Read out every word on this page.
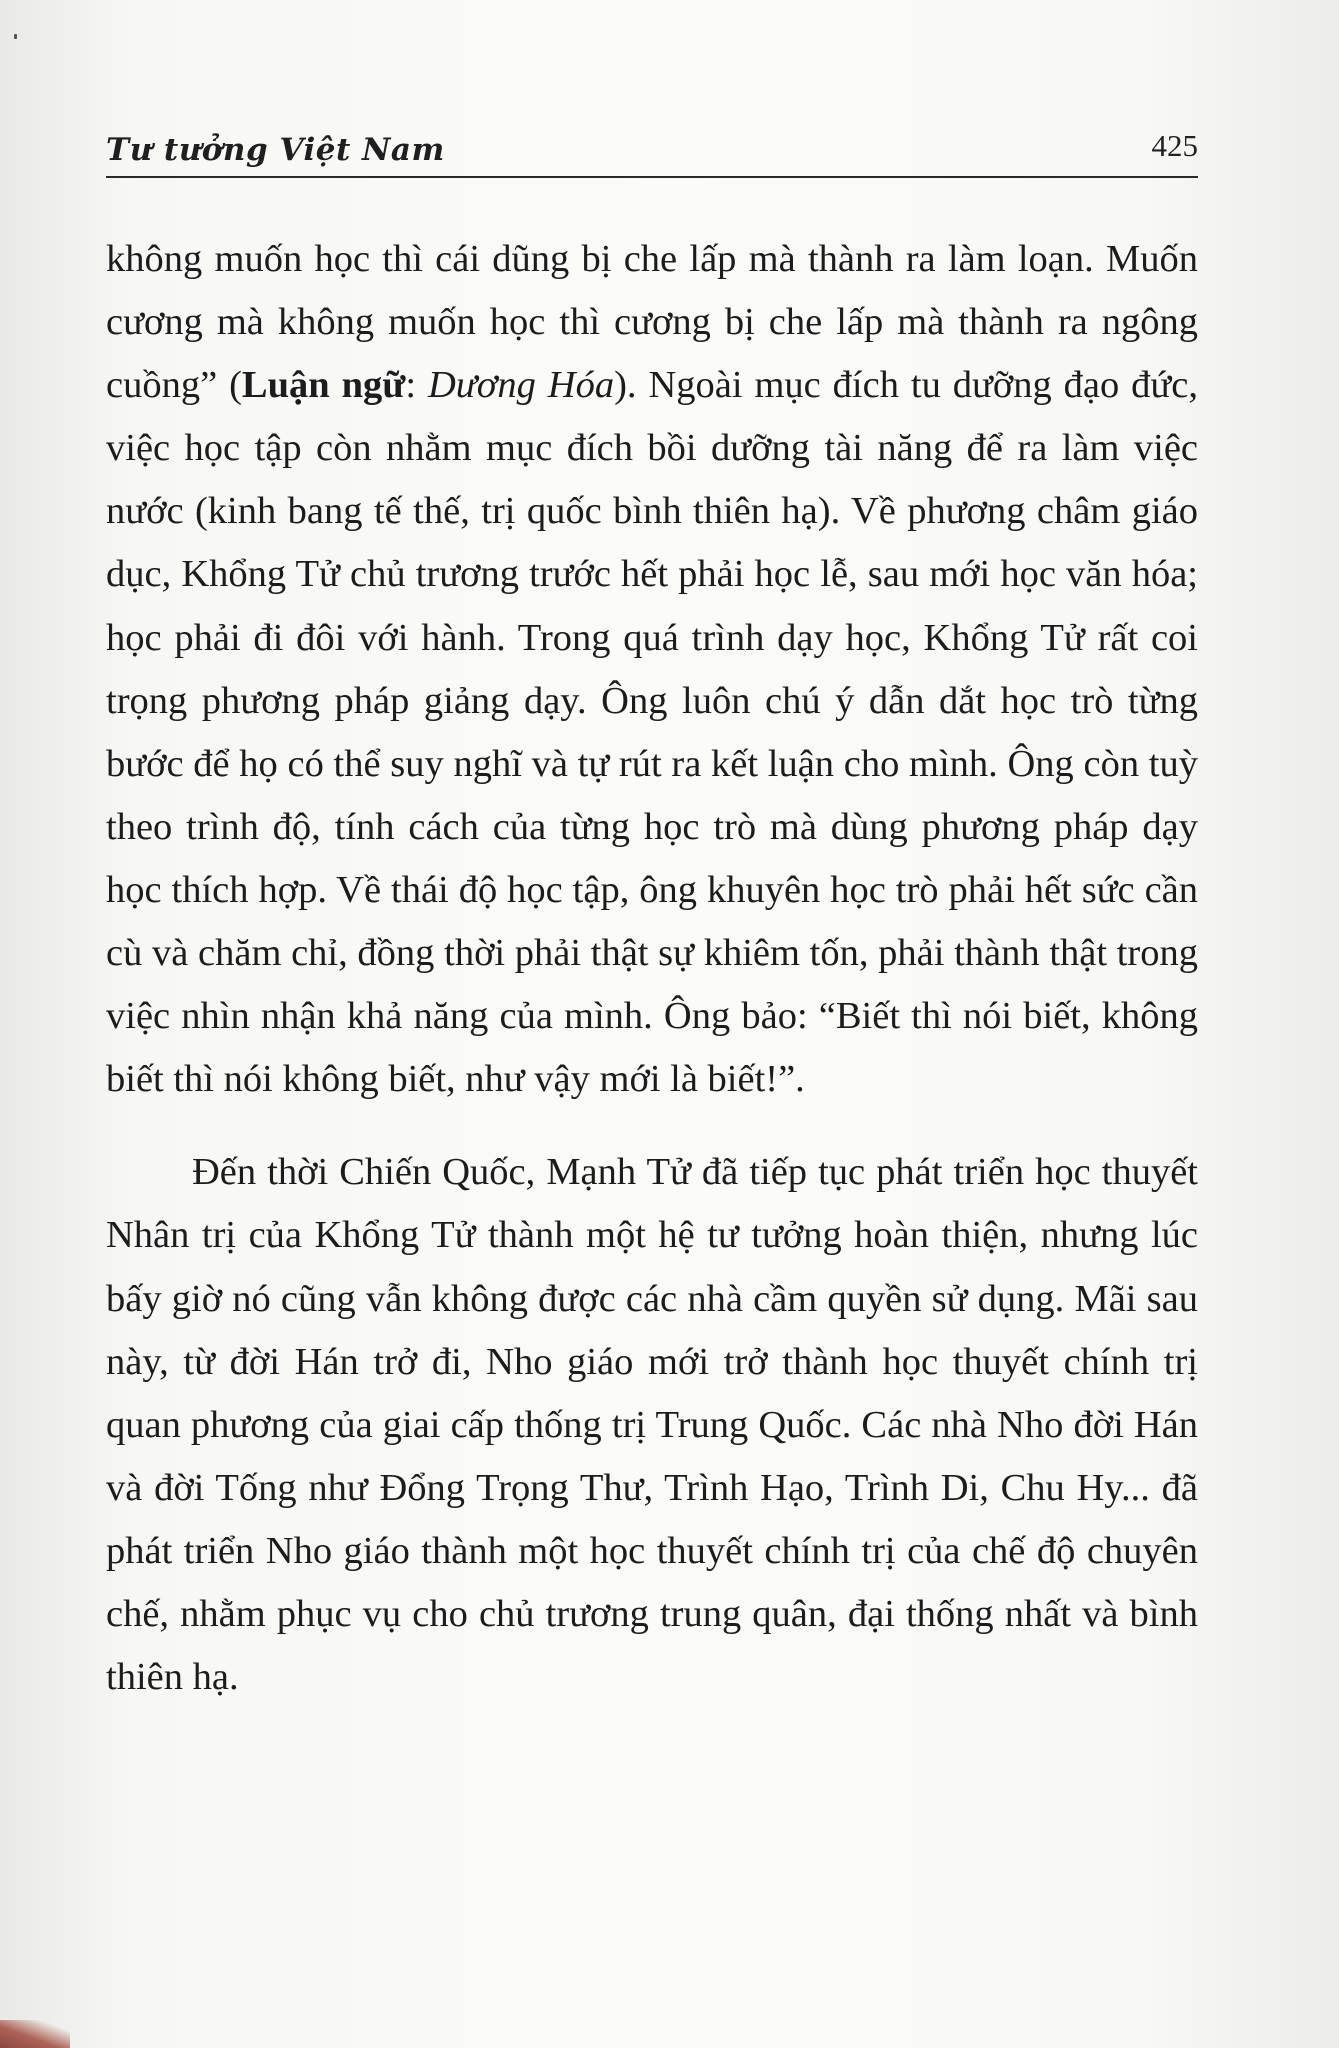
Tư tưởng Việt Nam	425

không muốn học thì cái dũng bị che lấp mà thành ra làm loạn. Muốn cương mà không muốn học thì cương bị che lấp mà thành ra ngông cuồng” (Luận ngữ: Dương Hóa). Ngoài mục đích tu dưỡng đạo đức, việc học tập còn nhằm mục đích bồi dưỡng tài năng để ra làm việc nước (kinh bang tế thế, trị quốc bình thiên hạ). Về phương châm giáo dục, Khổng Tử chủ trương trước hết phải học lễ, sau mới học văn hóa; học phải đi đôi với hành. Trong quá trình dạy học, Khổng Tử rất coi trọng phương pháp giảng dạy. Ông luôn chú ý dẫn dắt học trò từng bước để họ có thể suy nghĩ và tự rút ra kết luận cho mình. Ông còn tuỳ theo trình độ, tính cách của từng học trò mà dùng phương pháp dạy học thích hợp. Về thái độ học tập, ông khuyên học trò phải hết sức cần cù và chăm chỉ, đồng thời phải thật sự khiêm tốn, phải thành thật trong việc nhìn nhận khả năng của mình. Ông bảo: “Biết thì nói biết, không biết thì nói không biết, như vậy mới là biết!”.

Đến thời Chiến Quốc, Mạnh Tử đã tiếp tục phát triển học thuyết Nhân trị của Khổng Tử thành một hệ tư tưởng hoàn thiện, nhưng lúc bấy giờ nó cũng vẫn không được các nhà cầm quyền sử dụng. Mãi sau này, từ đời Hán trở đi, Nho giáo mới trở thành học thuyết chính trị quan phương của giai cấp thống trị Trung Quốc. Các nhà Nho đời Hán và đời Tống như Đổng Trọng Thư, Trình Hạo, Trình Di, Chu Hy... đã phát triển Nho giáo thành một học thuyết chính trị của chế độ chuyên chế, nhằm phục vụ cho chủ trương trung quân, đại thống nhất và bình thiên hạ.
